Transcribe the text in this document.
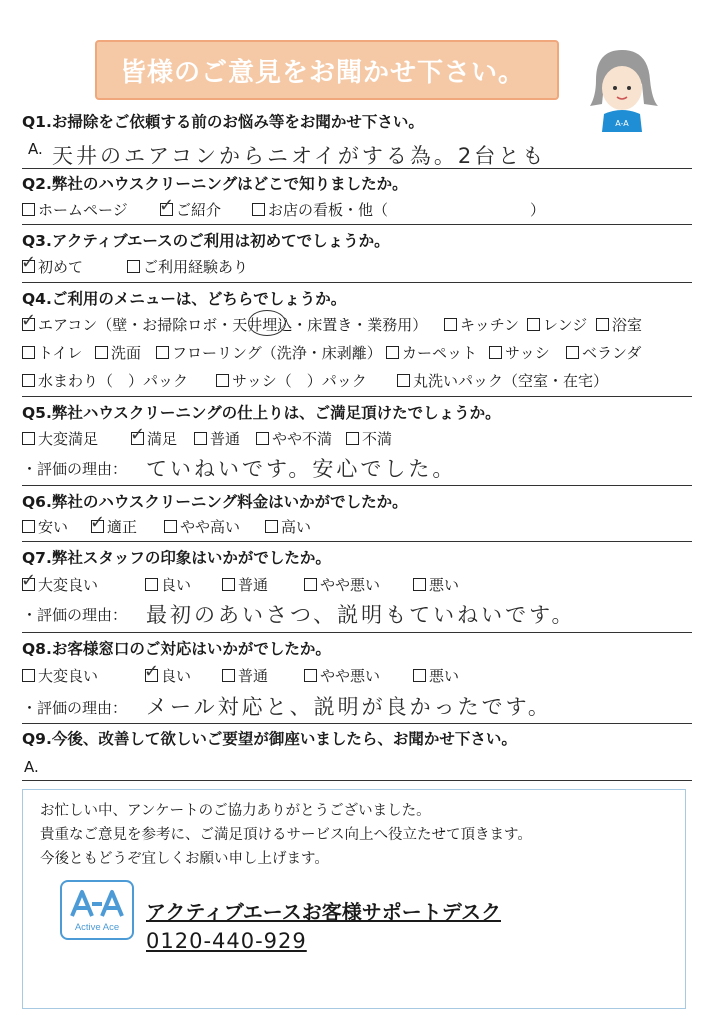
皆様のご意見をお聞かせ下さい。
A-A
Q1.お掃除をご依頼する前のお悩み等をお聞かせ下さい。
A. 天井のエアコンからニオイがする為。2台とも
Q2.弊社のハウスクリーニングはどこで知りましたか。
ホームページ ✓ ご紹介	お店の看板・他（	）
Q3.アクティブエースのご利用は初めてでしょうか。
✓ 初めて	ご利用経験あり
Q4.ご利用のメニューは、どちらでしょうか。
✓ エアコン（壁・お掃除ロボ・天井埋込・床置き・業務用）	キッチン	レンジ	浴室
トイレ	洗面	フローリング（洗浄・床剥離）	カーペット	サッシ	ベランダ
水まわり（　）パック	サッシ（　）パック	丸洗いパック（空室・在宅）
Q5.弊社ハウスクリーニングの仕上りは、ご満足頂けたでしょうか。
大変満足 ✓ 満足	普通	やや不満	不満
・評価の理由： ていねいです。安心でした。
Q6.弊社のハウスクリーニング料金はいかがでしたか。
安い ✓ 適正	やや高い	高い
Q7.弊社スタッフの印象はいかがでしたか。
✓ 大変良い	良い	普通	やや悪い	悪い
・評価の理由： 最初のあいさつ、説明もていねいです。
Q8.お客様窓口のご対応はいかがでしたか。
大変良い	✓ 良い	普通	やや悪い	悪い
・評価の理由： メール対応と、説明が良かったです。
Q9.今後、改善して欲しいご要望が御座いましたら、お聞かせ下さい。
A.
お忙しい中、アンケートのご協力ありがとうございました。
貴重なご意見を参考に、ご満足頂けるサービス向上へ役立たせて頂きます。
今後ともどうぞ宜しくお願い申し上げます。
Active Ace
アクティブエースお客様サポートデスク
0120-440-929
